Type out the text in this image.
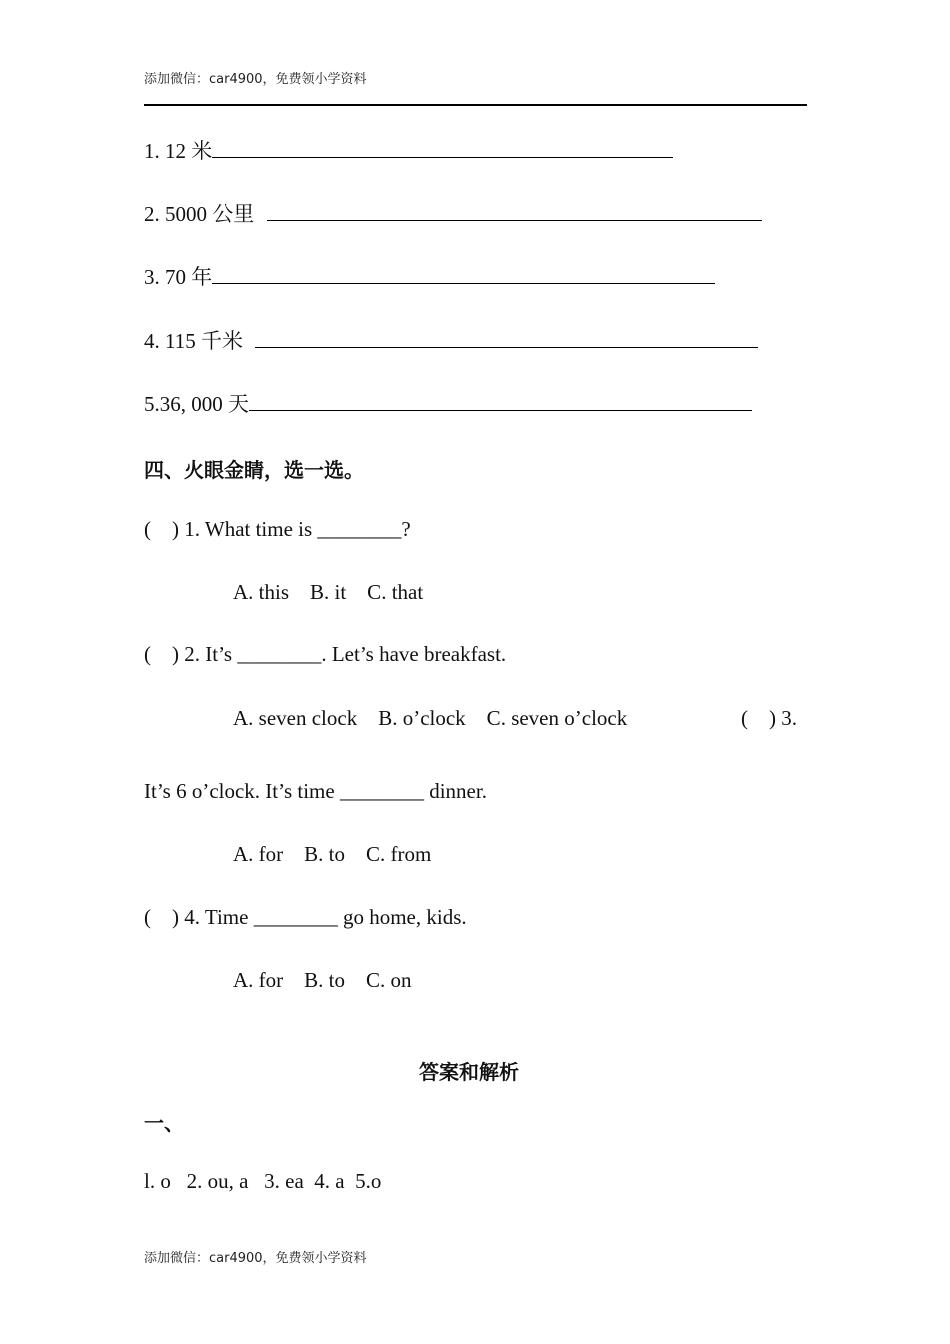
添加微信：car4900，免费领小学资料
1. 12 米
2. 5000 公里
3. 70 年
4. 115 千米
5.36, 000 天
四、火眼金睛，选一选。
(    ) 1. What time is ________?
A. this    B. it    C. that
(    ) 2. It’s ________. Let’s have breakfast.
A. seven clock    B. o’clock    C. seven o’clock	(    ) 3.
It’s 6 o’clock. It’s time ________ dinner.
A. for    B. to    C. from
(    ) 4. Time ________ go home, kids.
A. for    B. to    C. on
答案和解析
一、
l. o   2. ou, a   3. ea  4. a  5.o
添加微信：car4900，免费领小学资料
